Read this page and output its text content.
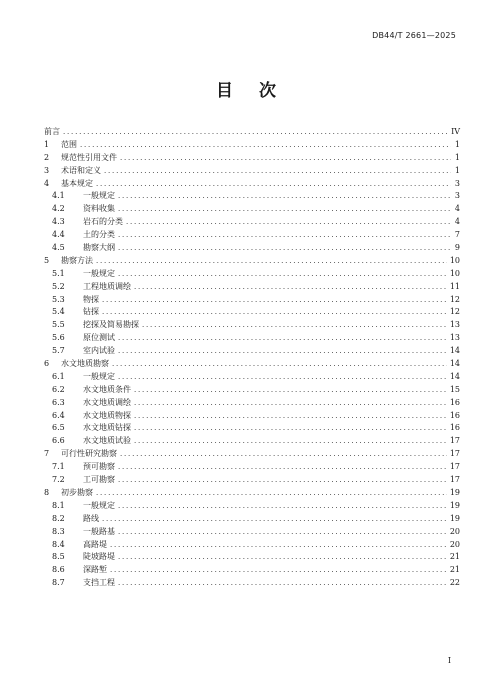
DB44/T 2661—2025
目 次
前言 .....	IV
1	范围 .....	1
2	规范性引用文件 .....	1
3	术语和定义 .....	1
4	基本规定 .....	3
4.1	一般规定 .....	3
4.2	资料收集 .....	4
4.3	岩石的分类 .....	4
4.4	土的分类 .....	7
4.5	勘察大纲 .....	9
5	勘察方法 .....	10
5.1	一般规定 .....	10
5.2	工程地质调绘 .....	11
5.3	物探 .....	12
5.4	钻探 .....	12
5.5	挖探及简易勘探 .....	13
5.6	原位测试 .....	13
5.7	室内试验 .....	14
6	水文地质勘察 .....	14
6.1	一般规定 .....	14
6.2	水文地质条件 .....	15
6.3	水文地质调绘 .....	16
6.4	水文地质物探 .....	16
6.5	水文地质钻探 .....	16
6.6	水文地质试验 .....	17
7	可行性研究勘察 .....	17
7.1	预可勘察 .....	17
7.2	工可勘察 .....	17
8	初步勘察 .....	19
8.1	一般规定 .....	19
8.2	路线 .....	19
8.3	一般路基 .....	20
8.4	高路堤 .....	20
8.5	陡坡路堤 .....	21
8.6	深路堑 .....	21
8.7	支挡工程 .....	22
I
